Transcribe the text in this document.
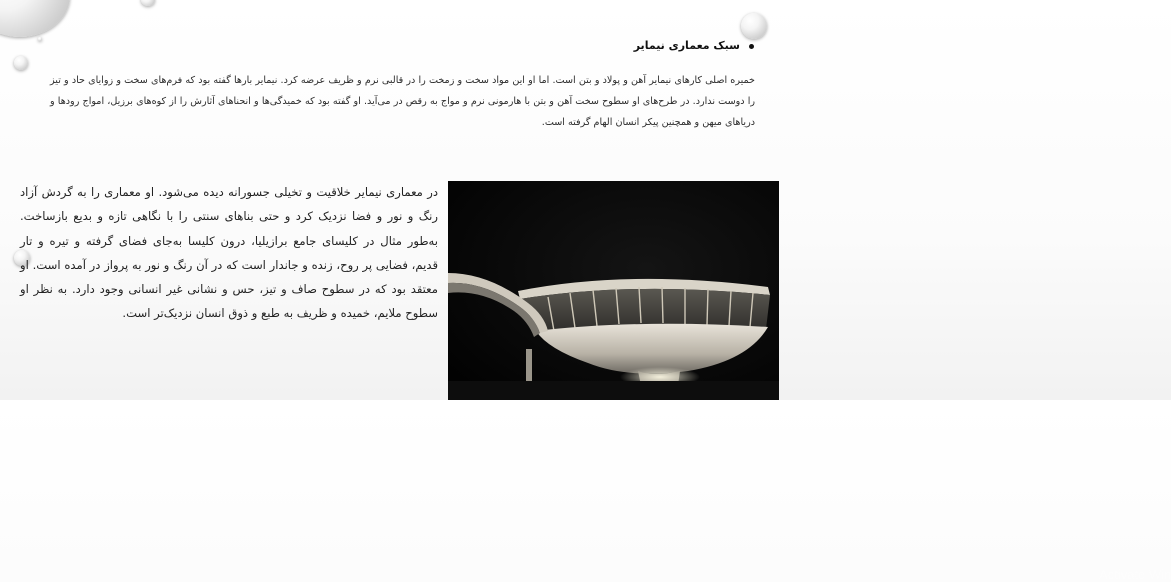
سبک معماری نیمایر
خمیره اصلی کارهای نیمایر آهن و پولاد و بتن است. اما او این مواد سخت و زمخت را در قالبی نرم و ظریف عرضه کرد. نیمایر بارها گفته بود که فرم‌های سخت و زوایای حاد و تیز را دوست ندارد. در طرح‌های او سطوح سخت آهن و بتن با هارمونی نرم و مواج به رقص در می‌آید. او گفته بود که خمیدگی‌ها و انحناهای آثارش را از کوه‌های برزیل، امواج رودها و دریاهای میهن و همچنین پیکر انسان الهام گرفته است.
در معماری نیمایر خلاقیت و تخیلی جسورانه دیده می‌شود. او معماری را به گردش آزاد رنگ و نور و فضا نزدیک کرد و حتی بناهای سنتی را با نگاهی تازه و بدیع بازساخت. به‌طور مثال در کلیسای جامع برازیلیا، درون کلیسا به‌جای فضای گرفته و تیره و تار قدیم، فضایی پر روح، زنده و جاندار است که در آن رنگ و نور به پرواز در آمده است. او معتقد بود که در سطوح صاف و تیز، حس و نشانی غیر انسانی وجود دارد. به نظر او سطوح ملایم، خمیده و ظریف به طبع و ذوق انسان نزدیک‌تر است.
Activate Win
